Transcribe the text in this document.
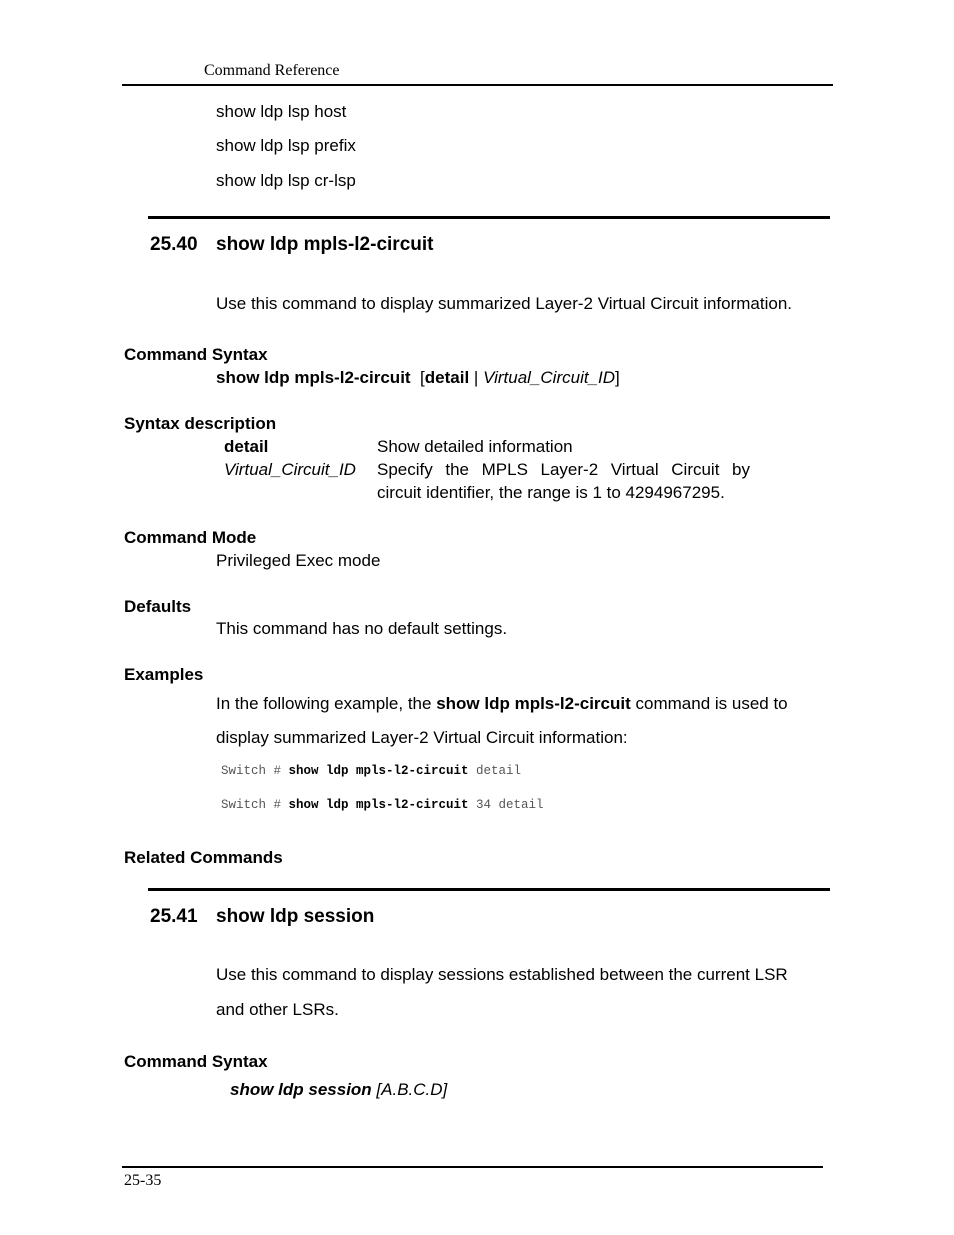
Command Reference
show ldp lsp host
show ldp lsp prefix
show ldp lsp cr-lsp
25.40 show ldp mpls-l2-circuit
Use this command to display summarized Layer-2 Virtual Circuit information.
Command Syntax
show ldp mpls-l2-circuit [detail | Virtual_Circuit_ID]
Syntax description
detail	Show detailed information
Virtual_Circuit_ID Specify the MPLS Layer-2 Virtual Circuit by
circuit identifier, the range is 1 to 4294967295.
Command Mode
Privileged Exec mode
Defaults
This command has no default settings.
Examples
In the following example, the show ldp mpls-l2-circuit command is used to
display summarized Layer-2 Virtual Circuit information:
Switch # show ldp mpls-l2-circuit detail
Switch # show ldp mpls-l2-circuit 34 detail
Related Commands
25.41 show ldp session
Use this command to display sessions established between the current LSR
and other LSRs.
Command Syntax
show ldp session [A.B.C.D]
25-35
